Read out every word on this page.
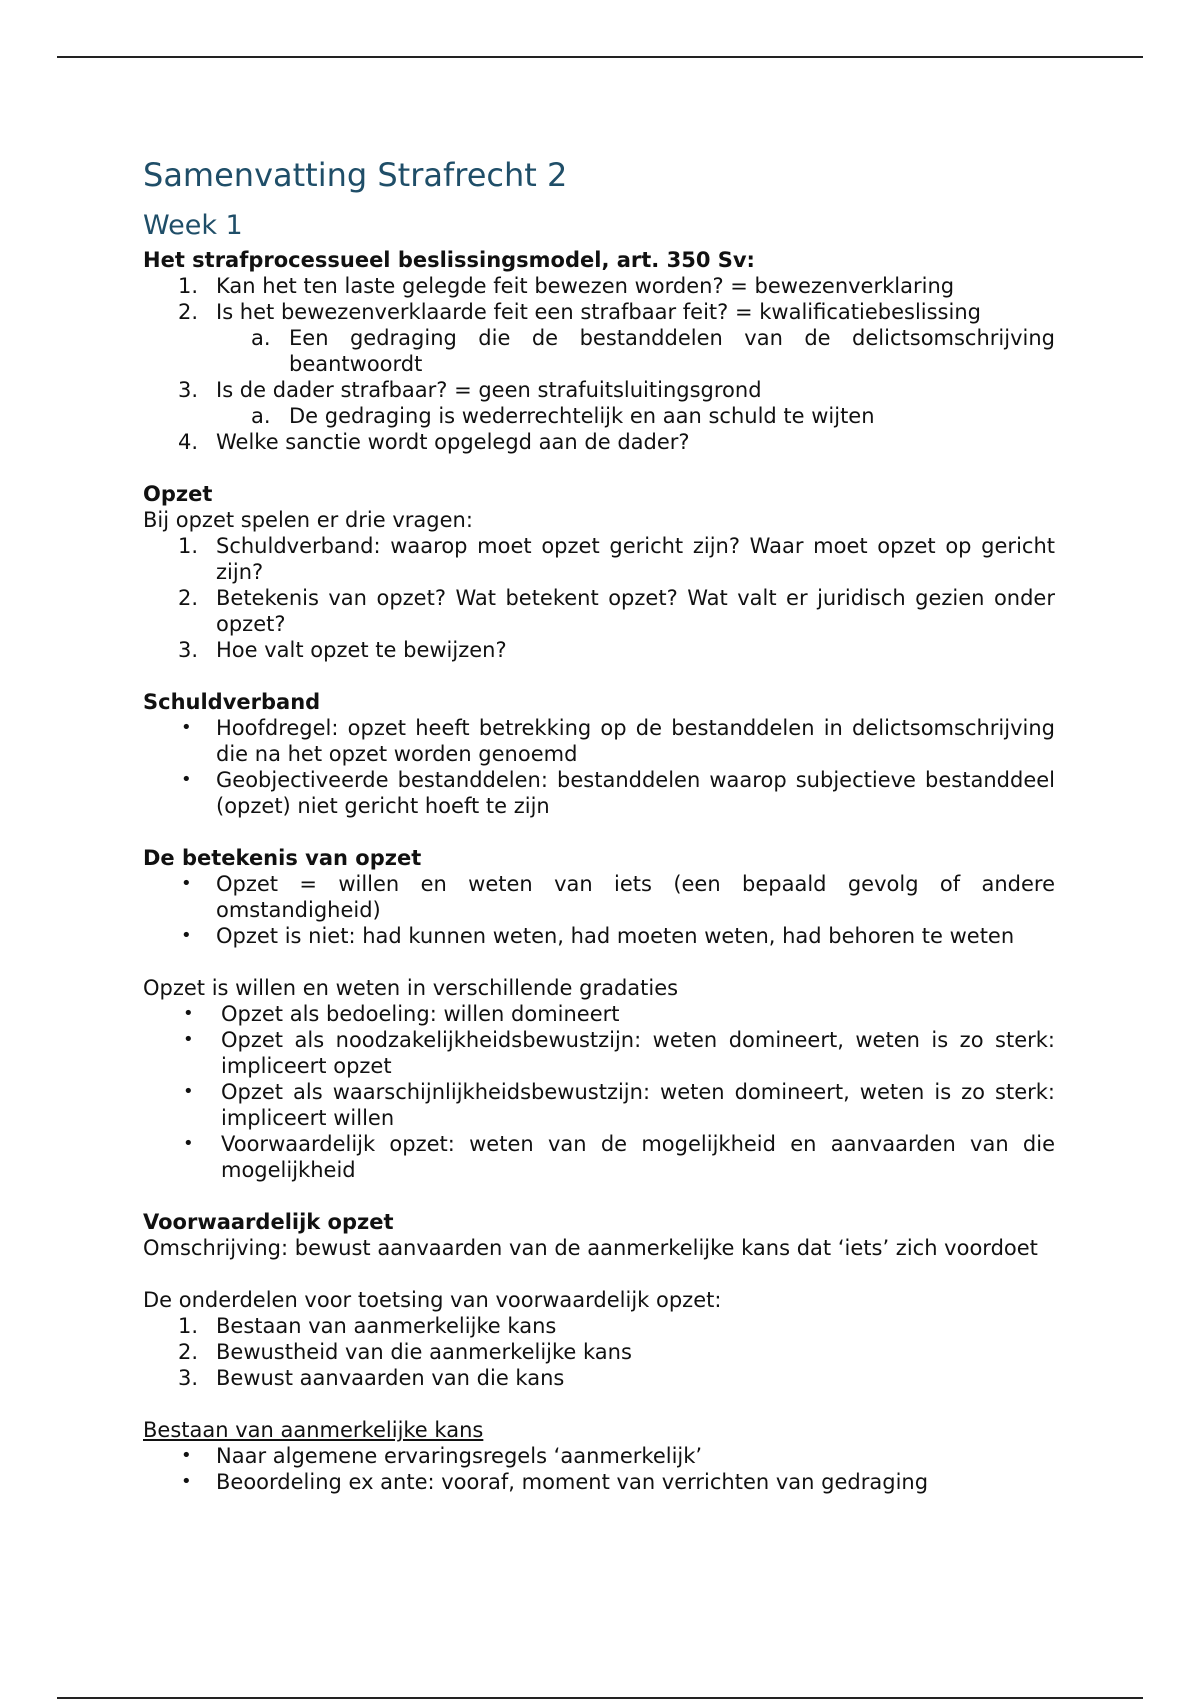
Samenvatting Strafrecht 2
Week 1

Het strafprocessueel beslissingsmodel, art. 350 Sv:

1. Kan het ten laste gelegde feit bewezen worden? = bewezenverklaring
2. Is het bewezenverklaarde feit een strafbaar feit? = kwalificatiebeslissing
a. Een gedraging die de bestanddelen van de delictsomschrijving beantwoordt
3. Is de dader strafbaar? = geen strafuitsluitingsgrond
a. De gedraging is wederrechtelijk en aan schuld te wijten
4. Welke sanctie wordt opgelegd aan de dader?

Opzet

Bij opzet spelen er drie vragen:

1. Schuldverband: waarop moet opzet gericht zijn? Waar moet opzet op gericht zijn?
2. Betekenis van opzet? Wat betekent opzet? Wat valt er juridisch gezien onder opzet?
3. Hoe valt opzet te bewijzen?

Schuldverband

• Hoofdregel: opzet heeft betrekking op de bestanddelen in delictsomschrijving die na het opzet worden genoemd
• Geobjectiveerde bestanddelen: bestanddelen waarop subjectieve bestanddeel (opzet) niet gericht hoeft te zijn

De betekenis van opzet

• Opzet = willen en weten van iets (een bepaald gevolg of andere omstandigheid)
• Opzet is niet: had kunnen weten, had moeten weten, had behoren te weten

Opzet is willen en weten in verschillende gradaties

• Opzet als bedoeling: willen domineert
• Opzet als noodzakelijkheidsbewustzijn: weten domineert, weten is zo sterk: impliceert opzet
• Opzet als waarschijnlijkheidsbewustzijn: weten domineert, weten is zo sterk: impliceert willen
• Voorwaardelijk opzet: weten van de mogelijkheid en aanvaarden van die mogelijkheid

Voorwaardelijk opzet

Omschrijving: bewust aanvaarden van de aanmerkelijke kans dat ‘iets’ zich voordoet

De onderdelen voor toetsing van voorwaardelijk opzet:

1. Bestaan van aanmerkelijke kans
2. Bewustheid van die aanmerkelijke kans
3. Bewust aanvaarden van die kans

Bestaan van aanmerkelijke kans

• Naar algemene ervaringsregels ‘aanmerkelijk’
• Beoordeling ex ante: vooraf, moment van verrichten van gedraging
